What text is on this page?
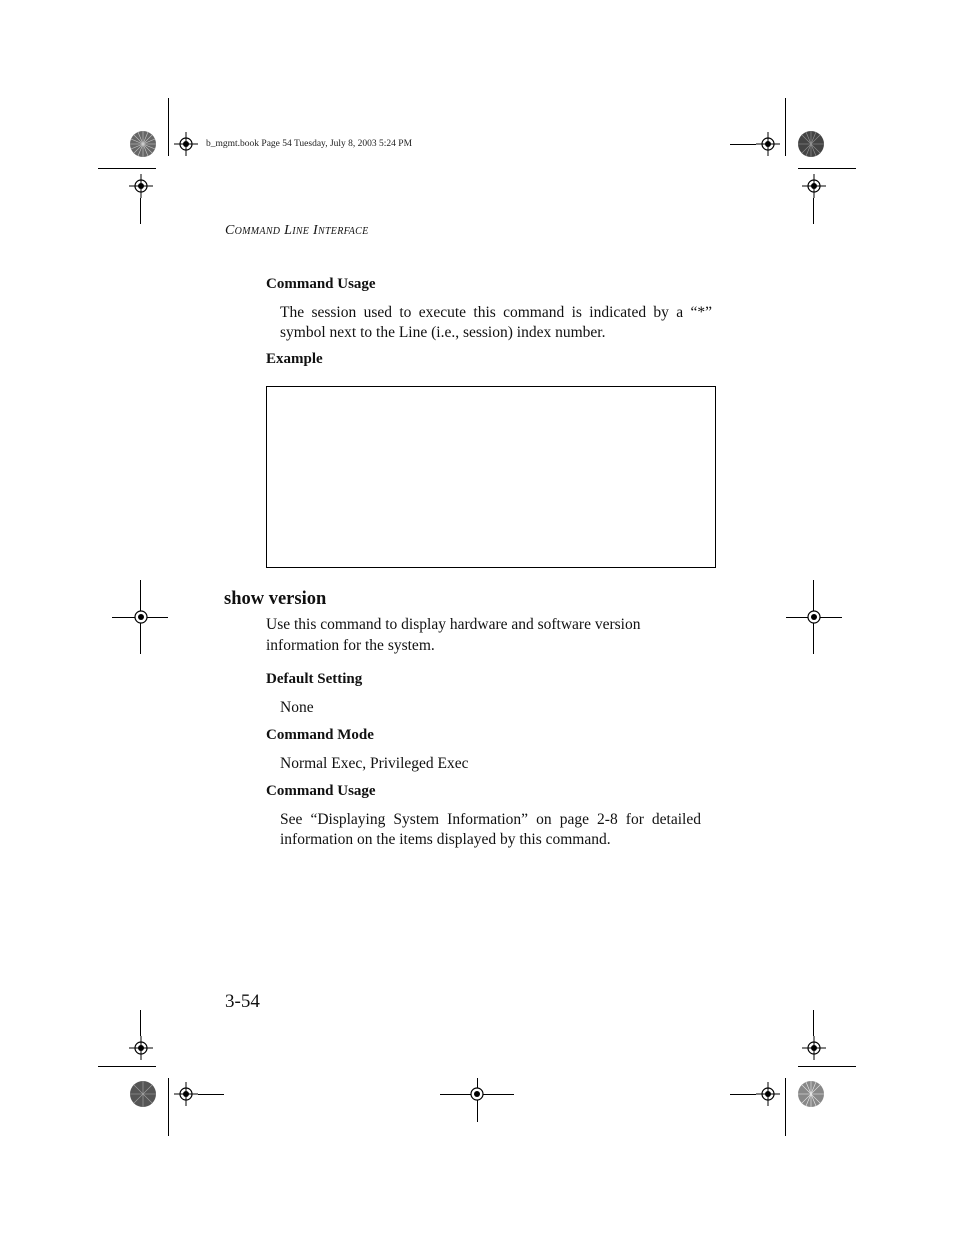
b_mgmt.book Page 54 Tuesday, July 8, 2003 5:24 PM
Command Line Interface
Command Usage
The session used to execute this command is indicated by a “*”
symbol next to the Line (i.e., session) index number.
Example
show version
Use this command to display hardware and software version
information for the system.
Default Setting
None
Command Mode
Normal Exec, Privileged Exec
Command Usage
See “Displaying System Information” on page 2-8 for detailed
information on the items displayed by this command.
3-54
